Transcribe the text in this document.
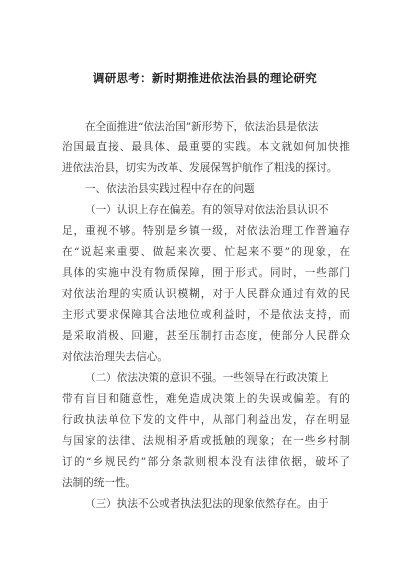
调研思考：新时期推进依法治县的理论研究
在全面推进“依法治国”新形势下，依法治县是依法
治国最直接、最具体、最重要的实践。本文就如何加快推
进依法治县，切实为改革、发展保驾护航作了粗浅的探讨。
一、依法治县实践过程中存在的问题
（一）认识上存在偏差。有的领导对依法治县认识不
足，重视不够。特别是乡镇一级，对依法治理工作普遍存
在“说起来重要、做起来次要、忙起来不要”的现象，在
具体的实施中没有物质保障，囿于形式。同时，一些部门
对依法治理的实质认识模糊，对于人民群众通过有效的民
主形式要求保障其合法地位或利益时，不是依法支持，而
是采取消极、回避，甚至压制打击态度，使部分人民群众
对依法治理失去信心。
（二）依法决策的意识不强。一些领导在行政决策上
带有盲目和随意性，难免造成决策上的失误或偏差。有的
行政执法单位下发的文件中，从部门利益出发，存在明显
与国家的法律、法规相矛盾或抵触的现象；在一些乡村制
订的“乡规民约”部分条款则根本没有法律依据，破坏了
法制的统一性。
（三）执法不公或者执法犯法的现象依然存在。由于
